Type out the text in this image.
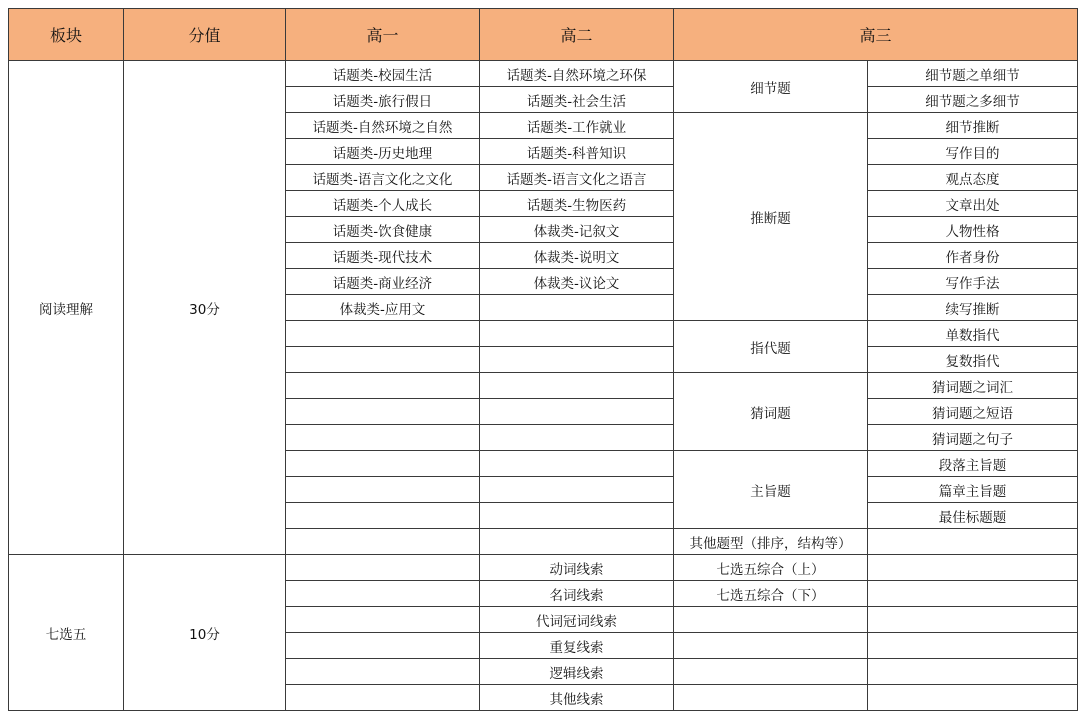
板块	分值	高一	高二	高三	
阅读理解	30分	话题类-校园生活	话题类-自然环境之环保	细节题	细节题之单细节
		话题类-旅行假日	话题类-社会生活		细节题之多细节
		话题类-自然环境之自然	话题类-工作就业	推断题	细节推断
		话题类-历史地理	话题类-科普知识		写作目的
		话题类-语言文化之文化	话题类-语言文化之语言		观点态度
		话题类-个人成长	话题类-生物医药		文章出处
		话题类-饮食健康	体裁类-记叙文		人物性格
		话题类-现代技术	体裁类-说明文		作者身份
		话题类-商业经济	体裁类-议论文		写作手法
		体裁类-应用文			续写推断
				指代题	单数指代
					复数指代
				猜词题	猜词题之词汇
					猜词题之短语
					猜词题之句子
				主旨题	段落主旨题
					篇章主旨题
					最佳标题题
				其他题型（排序，结构等）	
七选五	10分		动词线索	七选五综合（上）	
			名词线索	七选五综合（下）	
			代词冠词线索		
			重复线索		
			逻辑线索		
			其他线索		
